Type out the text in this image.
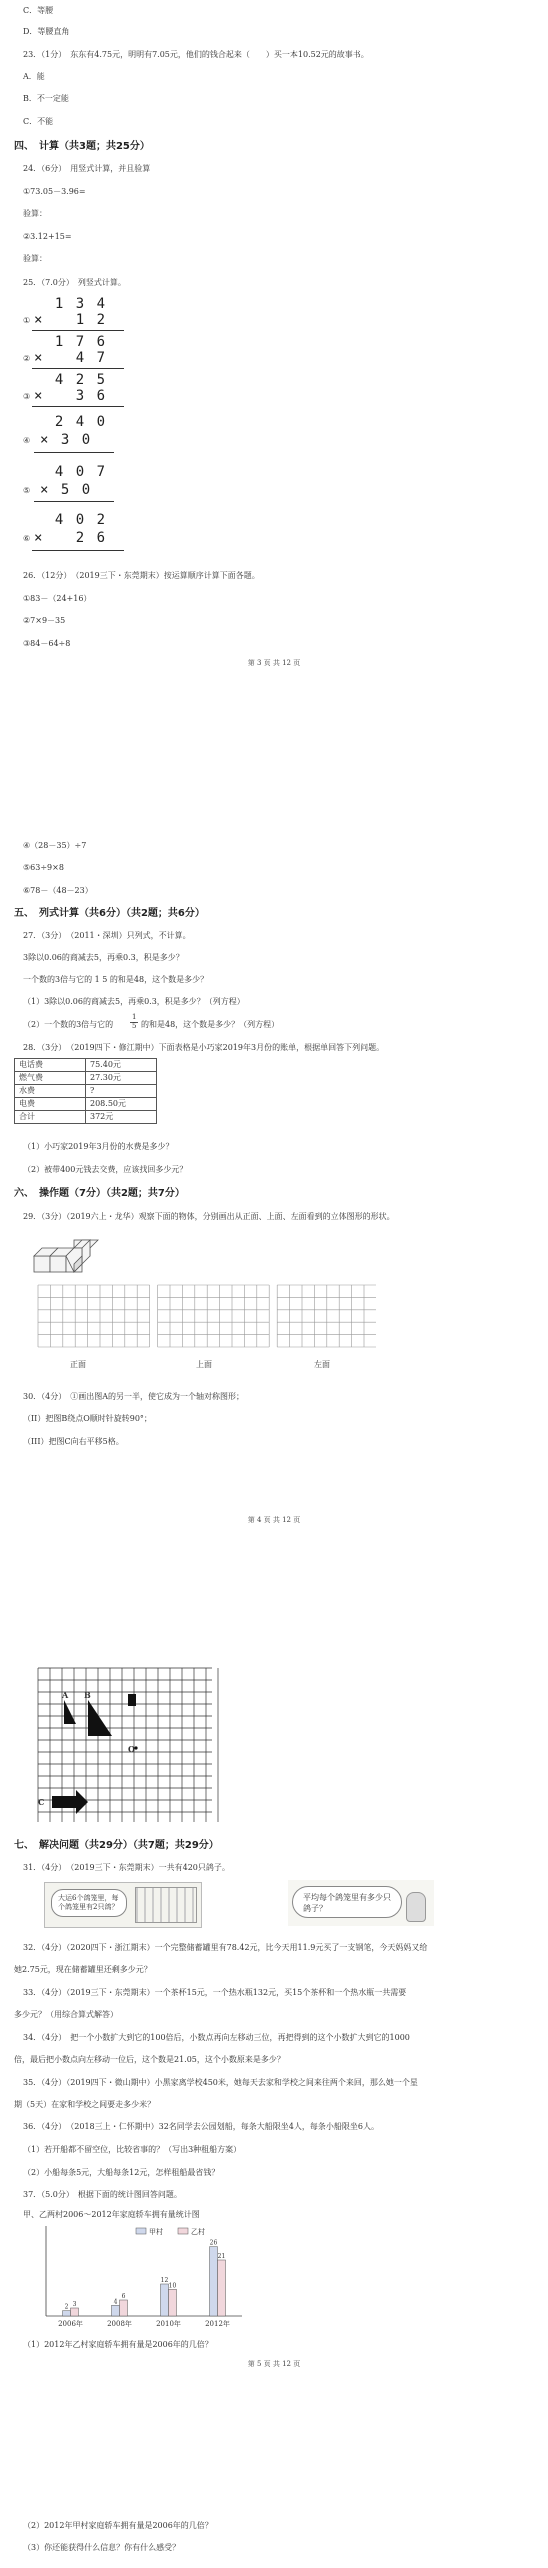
C．等腰
D．等腰直角
23．（1分）　东东有4.75元，明明有7.05元，他们的钱合起来（　　）买一本10.52元的故事书。
A．能
B．不一定能
C．不能
四、　计算（共3题；共25分）
24．（6分）　用竖式计算，并且验算
①73.05－3.96=
验算：
②3.12+15=
验算：
25．（7.0分）　列竖式计算。
1 3 4
① ×   1 2
1 7 6
② ×   4 7
4 2 5
③ ×   3 6
2 4 0
④ × 3 0
4 0 7
⑤ × 5 0
4 0 2
⑥ ×   2 6
26．（12分）　（2019三下・东莞期末）按运算顺序计算下面各题。
①83－（24+16）
②7×9－35
③84－64÷8
第 3 页 共 12 页
④（28－35）÷7
⑤63÷9×8
⑥78－（48－23）
五、　列式计算（共6分）（共2题；共6分）
27．（3分）　（2011・深圳）只列式，不计算。
3除以0.06的商减去5，再乘0.3，积是多少？
一个数的3倍与它的 1 5 的和是48，这个数是多少？
（1）3除以0.06的商减去5，再乘0.3，积是多少？（列方程）
（2）一个数的3倍与它的
1
5 的和是48，这个数是多少？（列方程）
28．（3分）　（2019四下・修江期中）下面表格是小巧家2019年3月份的账单，根据单回答下列问题。
电话费	75.40元
燃气费	27.30元
水费	?
电费	208.50元
合计	372元
（1）小巧家2019年3月份的水费是多少？
（2）被带400元钱去交费，应该找回多少元？
六、　操作题（7分）（共2题；共7分）
29．（3分）（2019六上・龙华）观察下面的物体，分别画出从正面、上面、左面看到的立体图形的形状。
正面	上面	左面
30．（4分）　①画出图A的另一半，使它成为一个轴对称图形；
（II）把图B绕点O顺时针旋转90°；
（III）把图C向右平移5格。
第 4 页 共 12 页
A B
O
C
七、　解决问题（共29分）（共7题；共29分）
31．（4分）　（2019三下・东莞期末）一共有420只鸽子。
大运6个鸽笼里，每个鸽笼里有2只鸽？
平均每个鸽笼里有多少只鸽子？
32．（4分）（2020四下・浙江期末）一个完整储蓄罐里有78.42元，比今天用11.9元买了一支钢笔，今天妈妈又给
她2.75元，现在储蓄罐里还剩多少元？
33．（4分）（2019三下・东莞期末）一个茶杯15元，一个热水瓶132元，买15个茶杯和一个热水瓶一共需要
多少元？（用综合算式解答）
34．（4分）　把一个小数扩大到它的100倍后，小数点再向左移动三位，再把得到的这个小数扩大到它的1000
倍，最后把小数点向左移动一位后，这个数是21.05，这个小数原来是多少？
35．（4分）（2019四下・微山期中）小黑家离学校450米，她每天去家和学校之间来往两个来回，那么她一个星
期（5天）在家和学校之间要走多少米？
36．（4分）　（2018三上・仁怀期中）32名同学去公园划船，每条大船限坐4人，每条小船限坐6人。
（1）若开船都不留空位，比较省事的？（写出3种租船方案）
（2）小船每条5元，大船每条12元，怎样租船最省钱？
37．（5.0分）　根据下面的统计图回答问题。
甲、乙两村2006～2012年家庭轿车拥有量统计图
甲村	乙村
2 3
2006年
4
6
2008年
12
10
2010年
26
21
2012年
（1）2012年乙村家庭轿车拥有量是2006年的几倍？
第 5 页 共 12 页
（2）2012年甲村家庭轿车拥有量是2006年的几倍？
（3）你还能获得什么信息？你有什么感受？
